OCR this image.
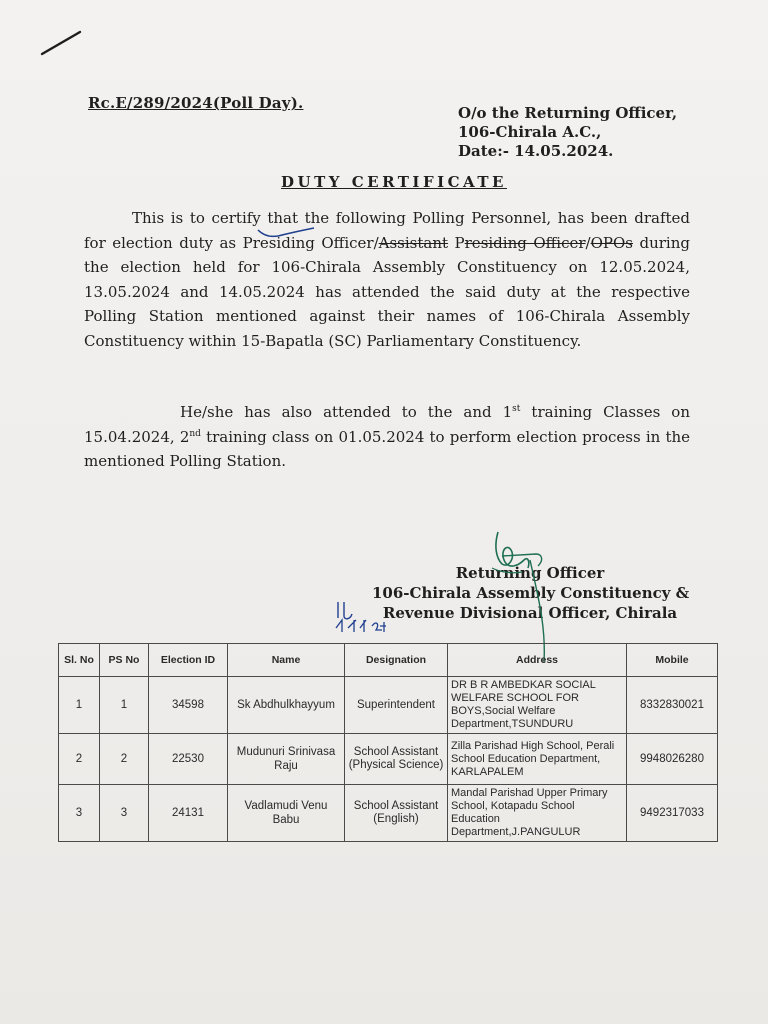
Rc.E/289/2024(Poll Day).
O/o the Returning Officer,
106-Chirala A.C.,
Date:- 14.05.2024.
DUTY CERTIFICATE
This is to certify that the following Polling Personnel, has been drafted for election duty as Presiding Officer/Assistant Presiding Officer/OPOs during the election held for 106-Chirala Assembly Constituency on 12.05.2024, 13.05.2024 and 14.05.2024 has attended the said duty at the respective Polling Station mentioned against their names of 106-Chirala Assembly Constituency within 15-Bapatla (SC) Parliamentary Constituency.
He/she has also attended to the and 1st training Classes on 15.04.2024, 2nd training class on 01.05.2024 to perform election process in the mentioned Polling Station.
Returning Officer
106-Chirala Assembly Constituency &
Revenue Divisional Officer, Chirala
Sl. No	PS No	Election ID	Name	Designation	Address	Mobile
1	1	34598	Sk Abdhulkhayyum	Superintendent	DR B R AMBEDKAR SOCIAL WELFARE SCHOOL FOR BOYS,Social Welfare Department,TSUNDURU	8332830021
2	2	22530	Mudunuri Srinivasa Raju	School Assistant (Physical Science)	Zilla Parishad High School, Perali School Education Department, KARLAPALEM	9948026280
3	3	24131	Vadlamudi Venu Babu	School Assistant (English)	Mandal Parishad Upper Primary School, Kotapadu School Education Department,J.PANGULUR	9492317033
